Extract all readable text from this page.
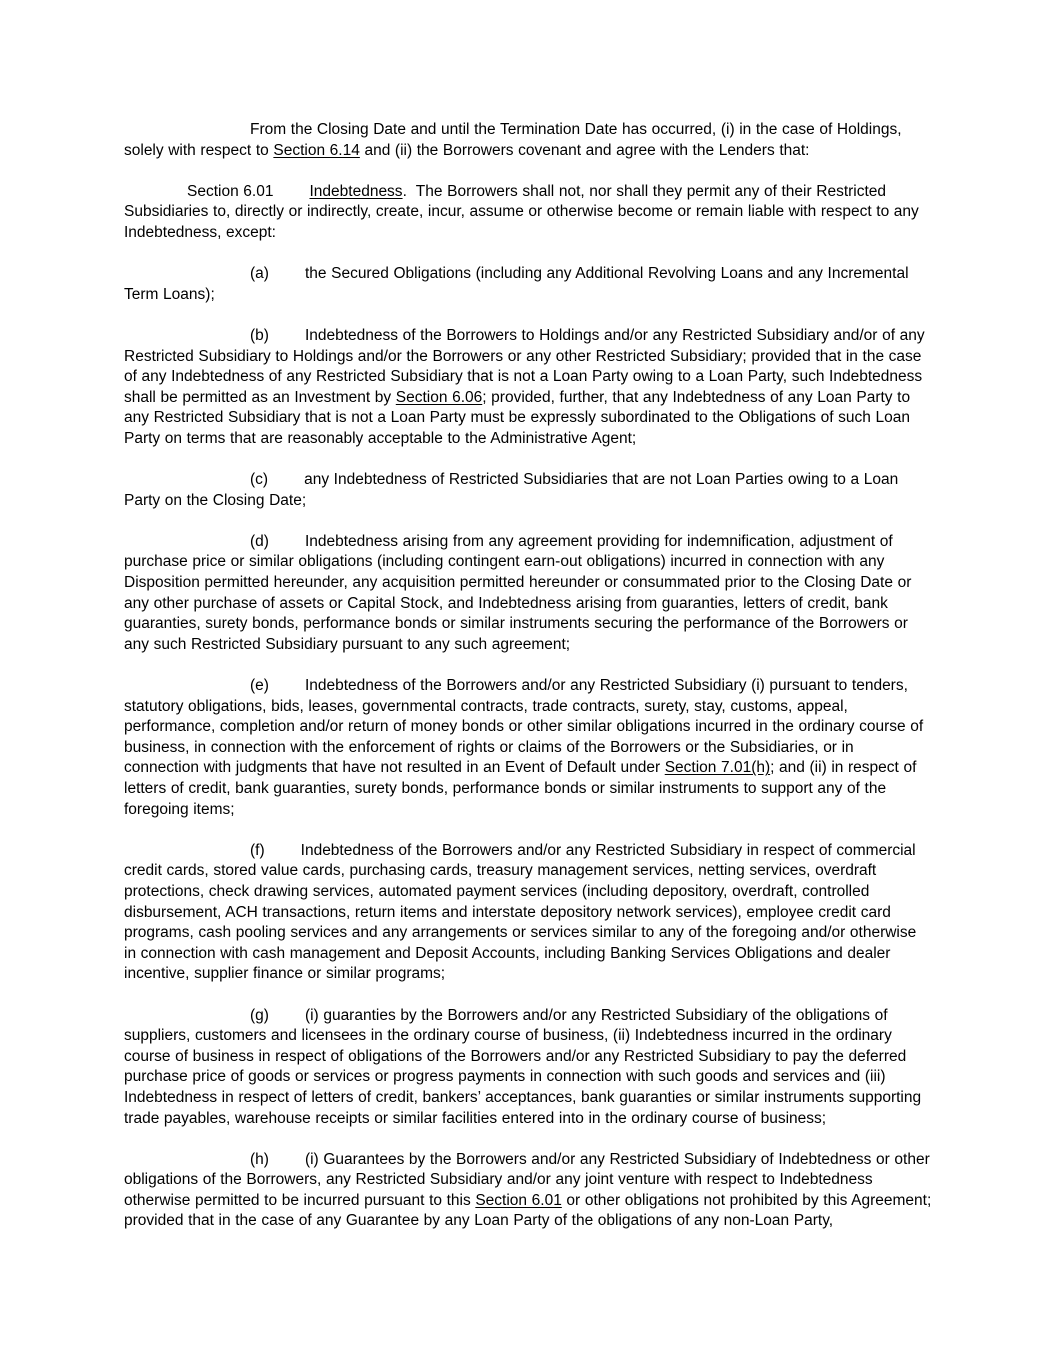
From the Closing Date and until the Termination Date has occurred, (i) in the case of Holdings, solely with respect to Section 6.14 and (ii) the Borrowers covenant and agree with the Lenders that:

Section 6.01 Indebtedness.  The Borrowers shall not, nor shall they permit any of their Restricted Subsidiaries to, directly or indirectly, create, incur, assume or otherwise become or remain liable with respect to any Indebtedness, except:

(a) the Secured Obligations (including any Additional Revolving Loans and any Incremental Term Loans);

(b) Indebtedness of the Borrowers to Holdings and/or any Restricted Subsidiary and/or of any Restricted Subsidiary to Holdings and/or the Borrowers or any other Restricted Subsidiary; provided that in the case of any Indebtedness of any Restricted Subsidiary that is not a Loan Party owing to a Loan Party, such Indebtedness shall be permitted as an Investment by Section 6.06; provided, further, that any Indebtedness of any Loan Party to any Restricted Subsidiary that is not a Loan Party must be expressly subordinated to the Obligations of such Loan Party on terms that are reasonably acceptable to the Administrative Agent;

(c) any Indebtedness of Restricted Subsidiaries that are not Loan Parties owing to a Loan Party on the Closing Date;

(d) Indebtedness arising from any agreement providing for indemnification, adjustment of purchase price or similar obligations (including contingent earn-out obligations) incurred in connection with any Disposition permitted hereunder, any acquisition permitted hereunder or consummated prior to the Closing Date or any other purchase of assets or Capital Stock, and Indebtedness arising from guaranties, letters of credit, bank guaranties, surety bonds, performance bonds or similar instruments securing the performance of the Borrowers or any such Restricted Subsidiary pursuant to any such agreement;

(e) Indebtedness of the Borrowers and/or any Restricted Subsidiary (i) pursuant to tenders, statutory obligations, bids, leases, governmental contracts, trade contracts, surety, stay, customs, appeal, performance, completion and/or return of money bonds or other similar obligations incurred in the ordinary course of business, in connection with the enforcement of rights or claims of the Borrowers or the Subsidiaries, or in connection with judgments that have not resulted in an Event of Default under Section 7.01(h); and (ii) in respect of letters of credit, bank guaranties, surety bonds, performance bonds or similar instruments to support any of the foregoing items;

(f) Indebtedness of the Borrowers and/or any Restricted Subsidiary in respect of commercial credit cards, stored value cards, purchasing cards, treasury management services, netting services, overdraft protections, check drawing services, automated payment services (including depository, overdraft, controlled disbursement, ACH transactions, return items and interstate depository network services), employee credit card programs, cash pooling services and any arrangements or services similar to any of the foregoing and/or otherwise in connection with cash management and Deposit Accounts, including Banking Services Obligations and dealer incentive, supplier finance or similar programs;

(g) (i) guaranties by the Borrowers and/or any Restricted Subsidiary of the obligations of suppliers, customers and licensees in the ordinary course of business, (ii) Indebtedness incurred in the ordinary course of business in respect of obligations of the Borrowers and/or any Restricted Subsidiary to pay the deferred purchase price of goods or services or progress payments in connection with such goods and services and (iii) Indebtedness in respect of letters of credit, bankers’ acceptances, bank guaranties or similar instruments supporting trade payables, warehouse receipts or similar facilities entered into in the ordinary course of business;

(h) (i) Guarantees by the Borrowers and/or any Restricted Subsidiary of Indebtedness or other obligations of the Borrowers, any Restricted Subsidiary and/or any joint venture with respect to Indebtedness otherwise permitted to be incurred pursuant to this Section 6.01 or other obligations not prohibited by this Agreement; provided that in the case of any Guarantee by any Loan Party of the obligations of any non-Loan Party,
